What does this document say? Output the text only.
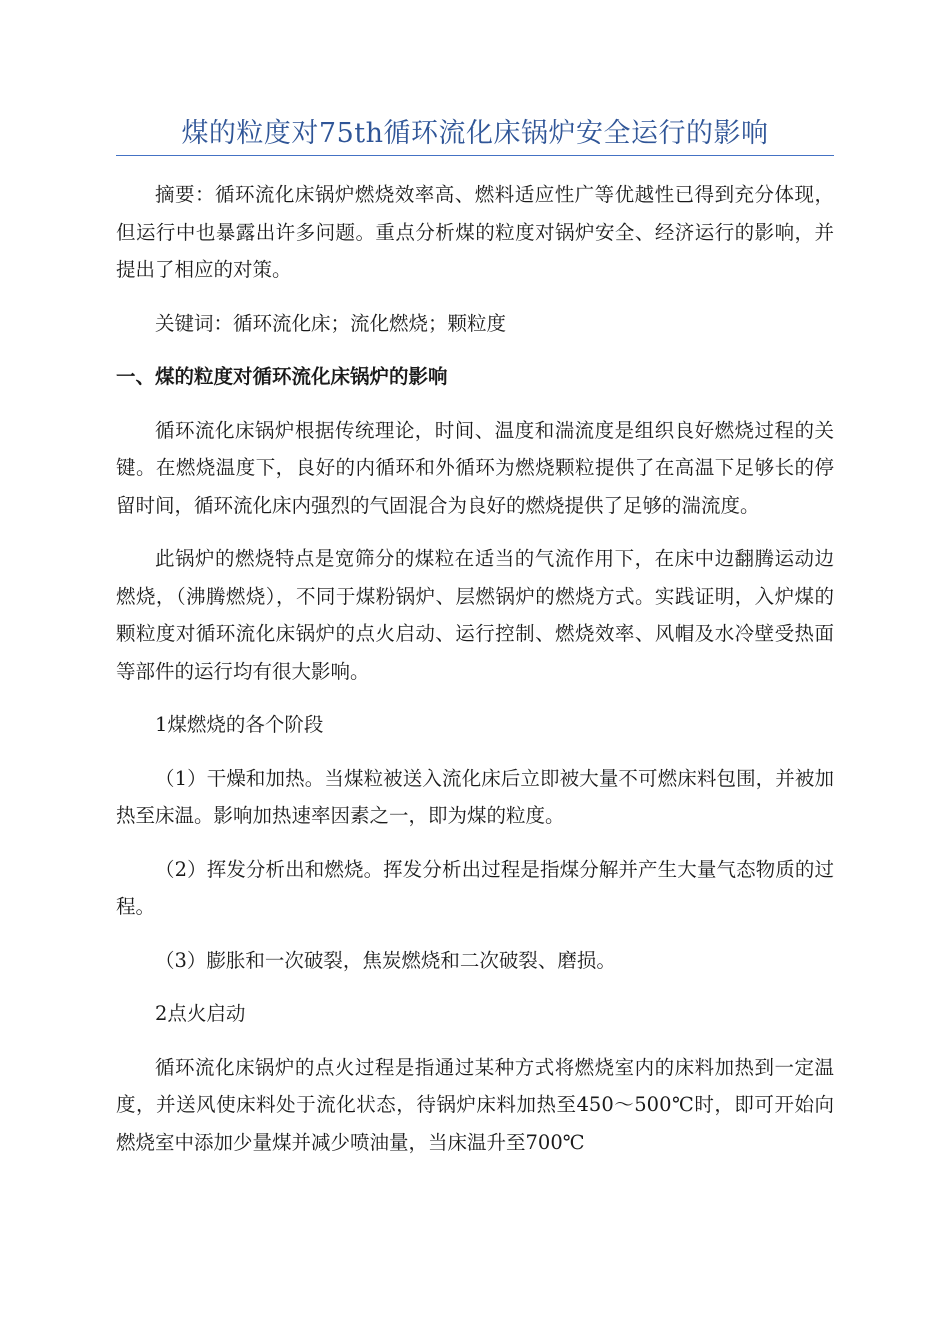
煤的粒度对75th循环流化床锅炉安全运行的影响

摘要：循环流化床锅炉燃烧效率高、燃料适应性广等优越性已得到充分体现，但运行中也暴露出许多问题。重点分析煤的粒度对锅炉安全、经济运行的影响，并提出了相应的对策。

关键词：循环流化床；流化燃烧；颗粒度

一、煤的粒度对循环流化床锅炉的影响

循环流化床锅炉根据传统理论，时间、温度和湍流度是组织良好燃烧过程的关键。在燃烧温度下，良好的内循环和外循环为燃烧颗粒提供了在高温下足够长的停留时间，循环流化床内强烈的气固混合为良好的燃烧提供了足够的湍流度。

此锅炉的燃烧特点是宽筛分的煤粒在适当的气流作用下，在床中边翻腾运动边燃烧，（沸腾燃烧），不同于煤粉锅炉、层燃锅炉的燃烧方式。实践证明，入炉煤的颗粒度对循环流化床锅炉的点火启动、运行控制、燃烧效率、风帽及水冷壁受热面等部件的运行均有很大影响。

1煤燃烧的各个阶段

（1）干燥和加热。当煤粒被送入流化床后立即被大量不可燃床料包围，并被加热至床温。影响加热速率因素之一，即为煤的粒度。

（2）挥发分析出和燃烧。挥发分析出过程是指煤分解并产生大量气态物质的过程。

（3）膨胀和一次破裂，焦炭燃烧和二次破裂、磨损。

2点火启动

循环流化床锅炉的点火过程是指通过某种方式将燃烧室内的床料加热到一定温度，并送风使床料处于流化状态，待锅炉床料加热至450～500℃时，即可开始向燃烧室中添加少量煤并减少喷油量，当床温升至700℃
